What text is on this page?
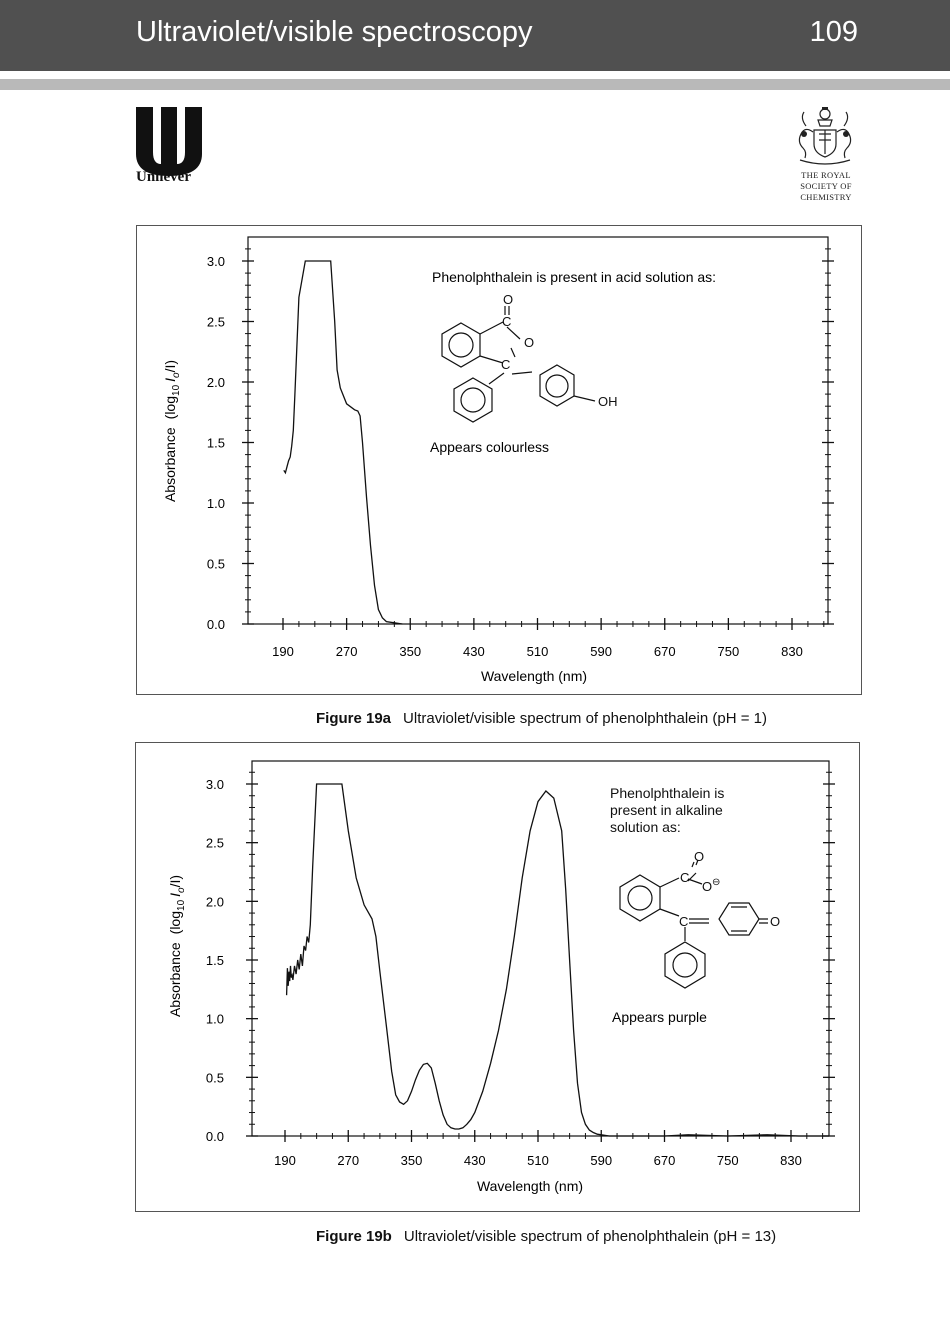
Ultraviolet/visible spectroscopy	109
Unilever	THE ROYAL
SOCIETY OF
CHEMISTRY
0.0
0.5
1.0
1.5
2.0
2.5
3.0
190	270	350	430	510	590	670	750	830
Wavelength (nm)
$Absorbance(\log_{10}I_o/I)$
Phenolphthalein is present in acid solution as:
O
C
O
C
OH
Appears colourless
Figure 19a Ultraviolet/visible spectrum of phenolphthalein (pH = 1)
0.0
0.5
1.0
1.5
2.0
2.5
3.0
190	270	350	430	510	590	670	750	830
Wavelength (nm)
$Absorbance(\log_{10}I_o/I)$
Phenolphthalein is
present in alkaline
solution as:
O
C
O ⊖
C	O
Appears purple
Figure 19b Ultraviolet/visible spectrum of phenolphthalein (pH = 13)
